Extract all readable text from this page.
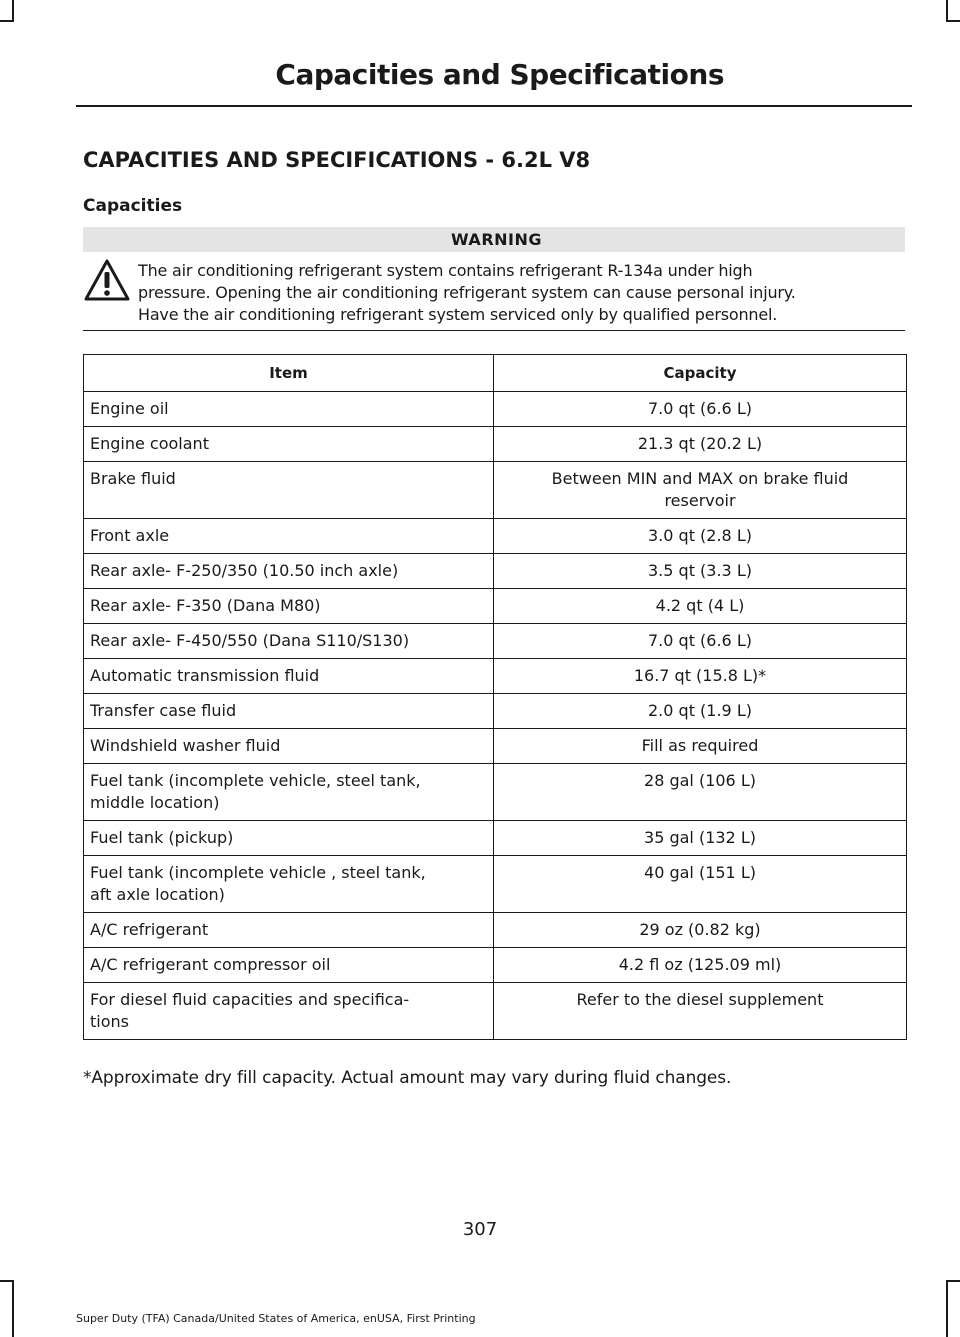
Capacities and Specifications
CAPACITIES AND SPECIFICATIONS - 6.2L V8
Capacities
WARNING
The air conditioning refrigerant system contains refrigerant R-134a under high
pressure. Opening the air conditioning refrigerant system can cause personal injury.
Have the air conditioning refrigerant system serviced only by qualified personnel.
Item	Capacity

Engine oil	7.0 qt (6.6 L)

Engine coolant	21.3 qt (20.2 L)

Brake fluid	Between MIN and MAX on brake fluid
reservoir

Front axle	3.0 qt (2.8 L)

Rear axle- F-250/350 (10.50 inch axle)	3.5 qt (3.3 L)

Rear axle- F-350 (Dana M80)	4.2 qt (4 L)

Rear axle- F-450/550 (Dana S110/S130)	7.0 qt (6.6 L)

Automatic transmission fluid	16.7 qt (15.8 L)*

Transfer case fluid	2.0 qt (1.9 L)

Windshield washer fluid	Fill as required

Fuel tank (incomplete vehicle, steel tank,
middle location)	28 gal (106 L)

Fuel tank (pickup)	35 gal (132 L)

Fuel tank (incomplete vehicle , steel tank,
aft axle location)	40 gal (151 L)

A/C refrigerant	29 oz (0.82 kg)

A/C refrigerant compressor oil	4.2 fl oz (125.09 ml)

For diesel fluid capacities and specifica-
tions	Refer to the diesel supplement
*Approximate dry fill capacity. Actual amount may vary during fluid changes.
307
Super Duty (TFA) Canada/United States of America, enUSA, First Printing
